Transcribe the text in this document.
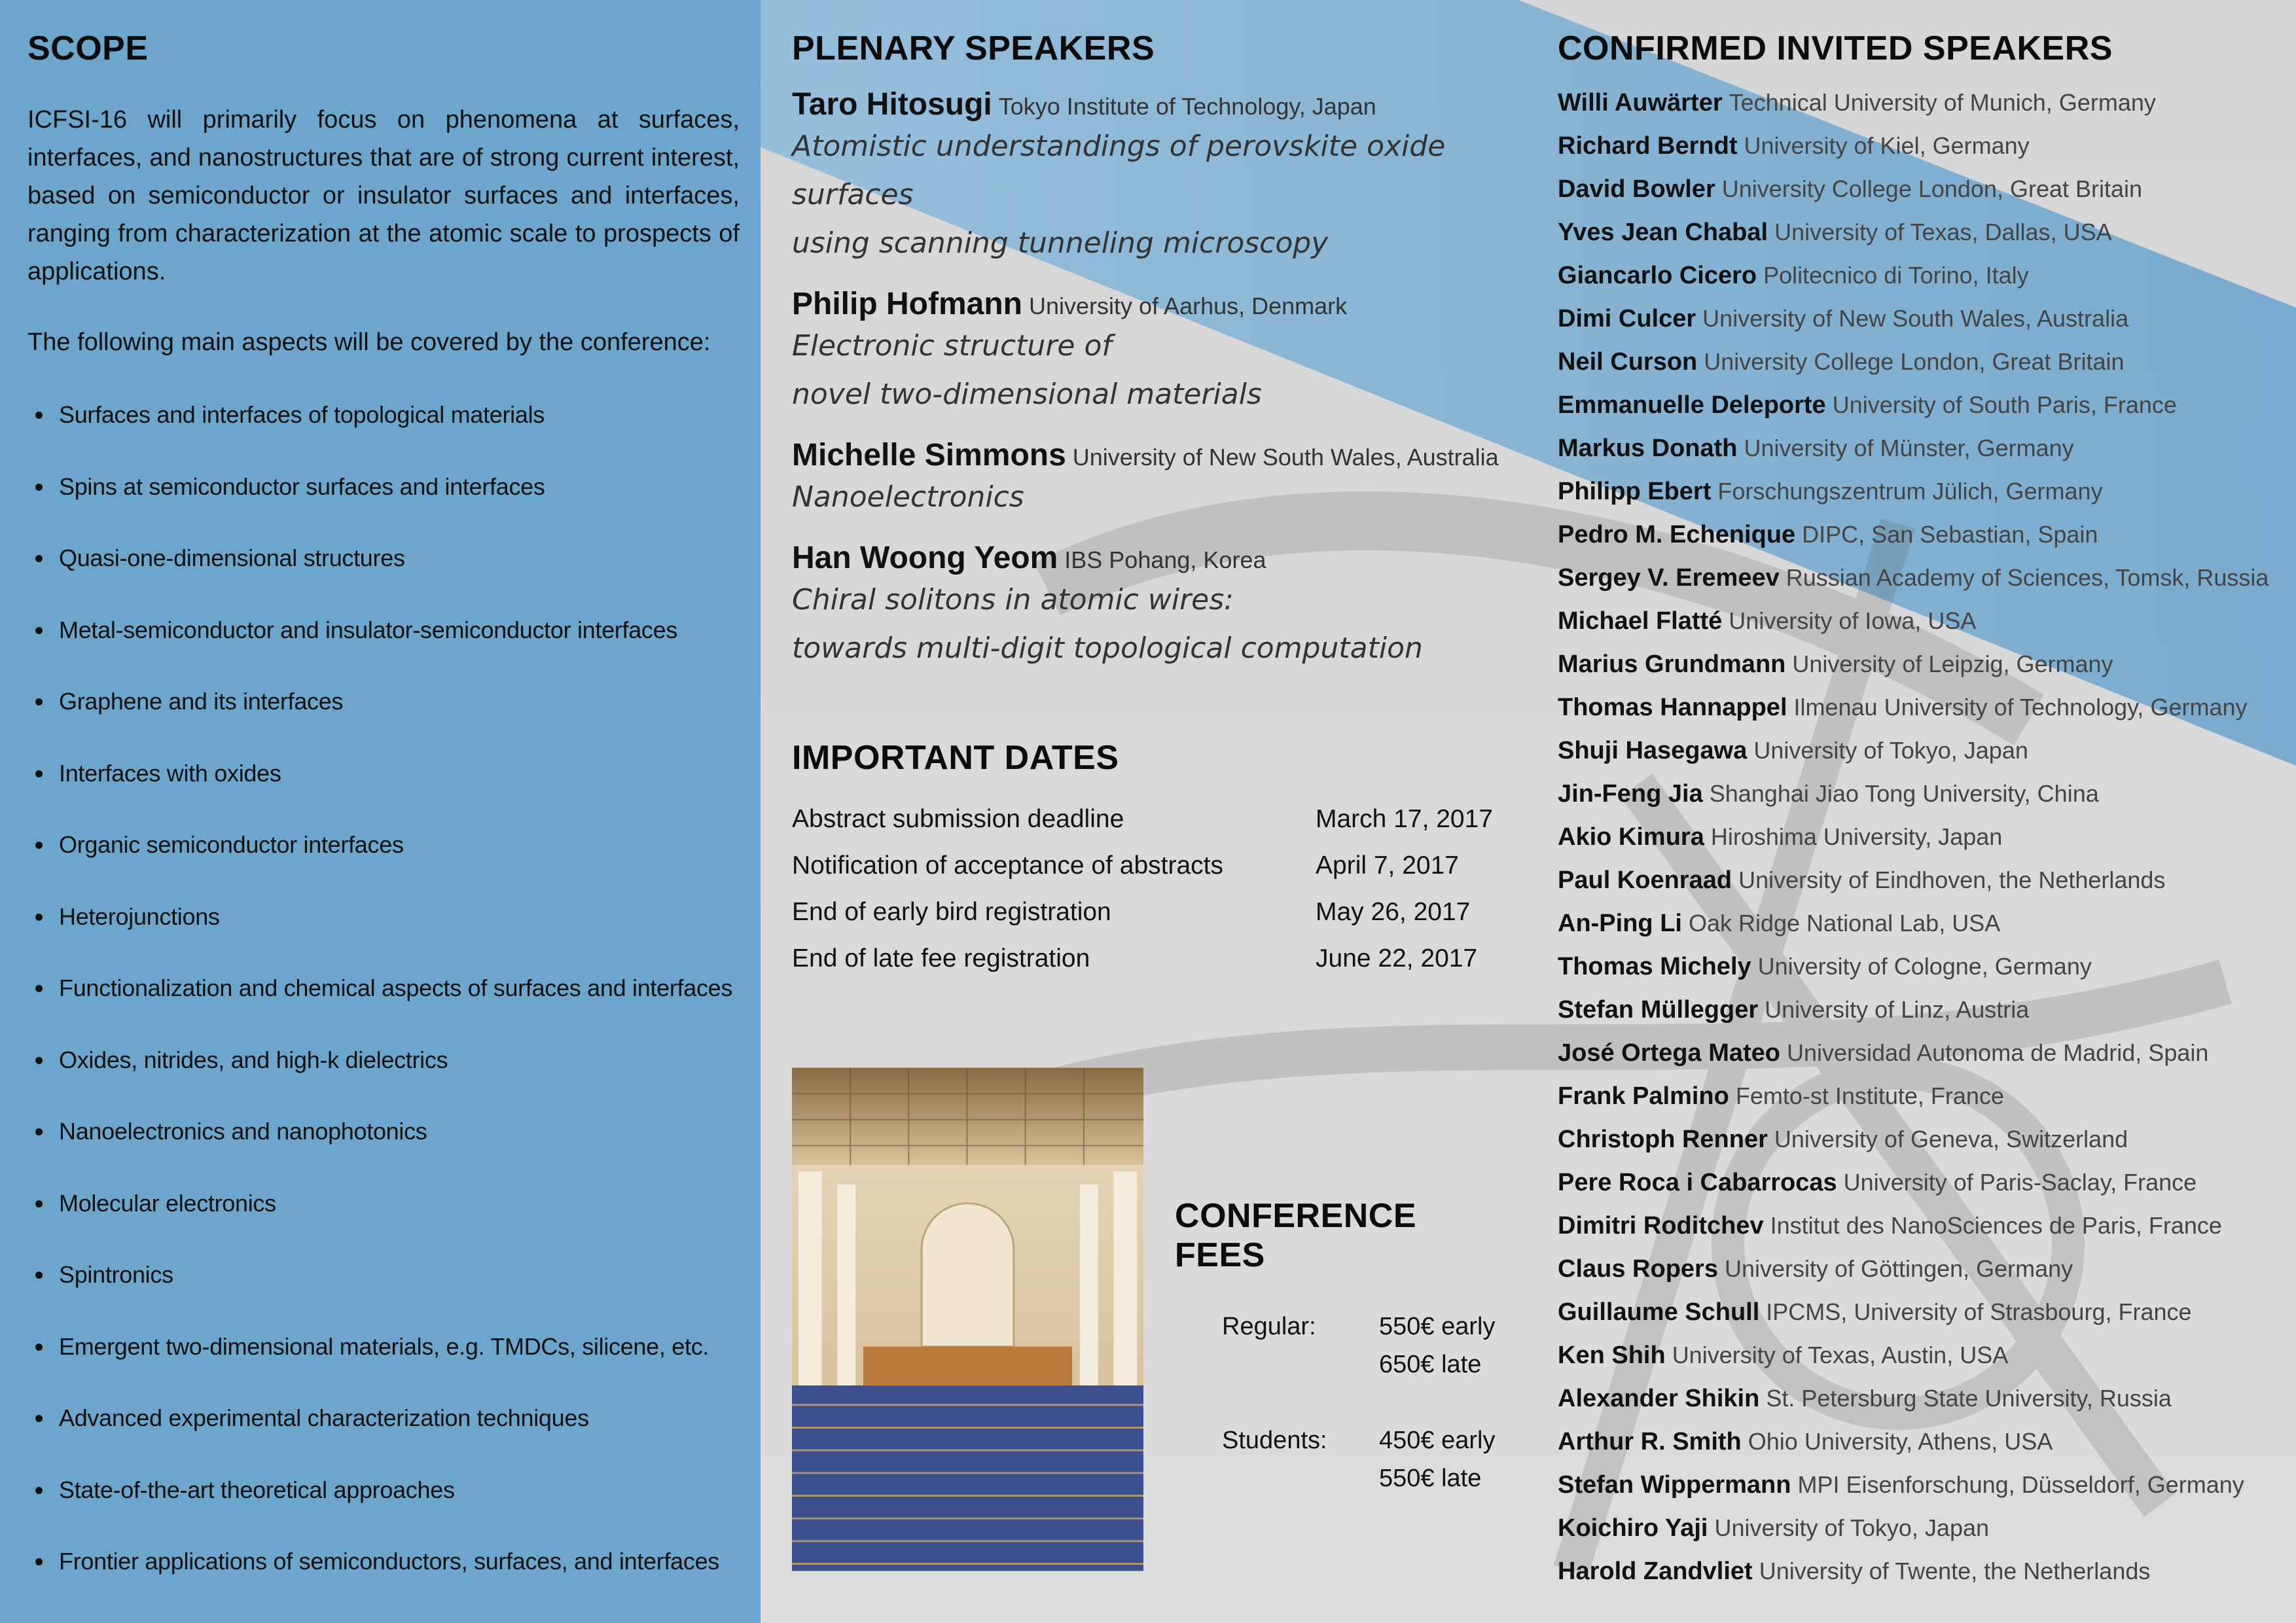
SCOPE

ICFSI-16 will primarily focus on phenomena at surfaces, interfaces, and nanostructures that are of strong current interest, based on semiconductor or insulator surfaces and interfaces, ranging from characterization at the atomic scale to prospects of applications.

The following main aspects will be covered by the conference:

Surfaces and interfaces of topological materials
Spins at semiconductor surfaces and interfaces
Quasi-one-dimensional structures
Metal-semiconductor and insulator-semiconductor interfaces
Graphene and its interfaces
Interfaces with oxides
Organic semiconductor interfaces
Heterojunctions
Functionalization and chemical aspects of surfaces and interfaces
Oxides, nitrides, and high-k dielectrics
Nanoelectronics and nanophotonics
Molecular electronics
Spintronics
Emergent two-dimensional materials, e.g. TMDCs, silicene, etc.
Advanced experimental characterization techniques
State-of-the-art theoretical approaches
Frontier applications of semiconductors, surfaces, and interfaces
PLENARY SPEAKERS
Taro Hitosugi Tokyo Institute of Technology, Japan
Atomistic understandings of perovskite oxide surfaces
using scanning tunneling microscopy
Philip Hofmann University of Aarhus, Denmark
Electronic structure of
novel two-dimensional materials
Michelle Simmons University of New South Wales, Australia
Nanoelectronics
Han Woong Yeom IBS Pohang, Korea
Chiral solitons in atomic wires:
towards multi-digit topological computation
IMPORTANT DATES
Abstract submission deadline	March 17, 2017
Notification of acceptance of abstracts	April 7, 2017
End of early bird registration	May 26, 2017
End of late fee registration	June 22, 2017
CONFERENCE FEES
Regular:	550€ early
650€ late
Students:	450€ early
550€ late
CONFIRMED INVITED SPEAKERS
Willi Auwärter Technical University of Munich, Germany
Richard Berndt University of Kiel, Germany
David Bowler University College London, Great Britain
Yves Jean Chabal University of Texas, Dallas, USA
Giancarlo Cicero Politecnico di Torino, Italy
Dimi Culcer University of New South Wales, Australia
Neil Curson University College London, Great Britain
Emmanuelle Deleporte University of South Paris, France
Markus Donath University of Münster, Germany
Philipp Ebert Forschungszentrum Jülich, Germany
Pedro M. Echenique DIPC, San Sebastian, Spain
Sergey V. Eremeev Russian Academy of Sciences, Tomsk, Russia
Michael Flatté University of Iowa, USA
Marius Grundmann University of Leipzig, Germany
Thomas Hannappel Ilmenau University of Technology, Germany
Shuji Hasegawa University of Tokyo, Japan
Jin-Feng Jia Shanghai Jiao Tong University, China
Akio Kimura Hiroshima University, Japan
Paul Koenraad University of Eindhoven, the Netherlands
An-Ping Li Oak Ridge National Lab, USA
Thomas Michely University of Cologne, Germany
Stefan Müllegger University of Linz, Austria
José Ortega Mateo Universidad Autonoma de Madrid, Spain
Frank Palmino Femto-st Institute, France
Christoph Renner University of Geneva, Switzerland
Pere Roca i Cabarrocas University of Paris-Saclay, France
Dimitri Roditchev Institut des NanoSciences de Paris, France
Claus Ropers University of Göttingen, Germany
Guillaume Schull IPCMS, University of Strasbourg, France
Ken Shih University of Texas, Austin, USA
Alexander Shikin St. Petersburg State University, Russia
Arthur R. Smith Ohio University, Athens, USA
Stefan Wippermann MPI Eisenforschung, Düsseldorf, Germany
Koichiro Yaji University of Tokyo, Japan
Harold Zandvliet University of Twente, the Netherlands
